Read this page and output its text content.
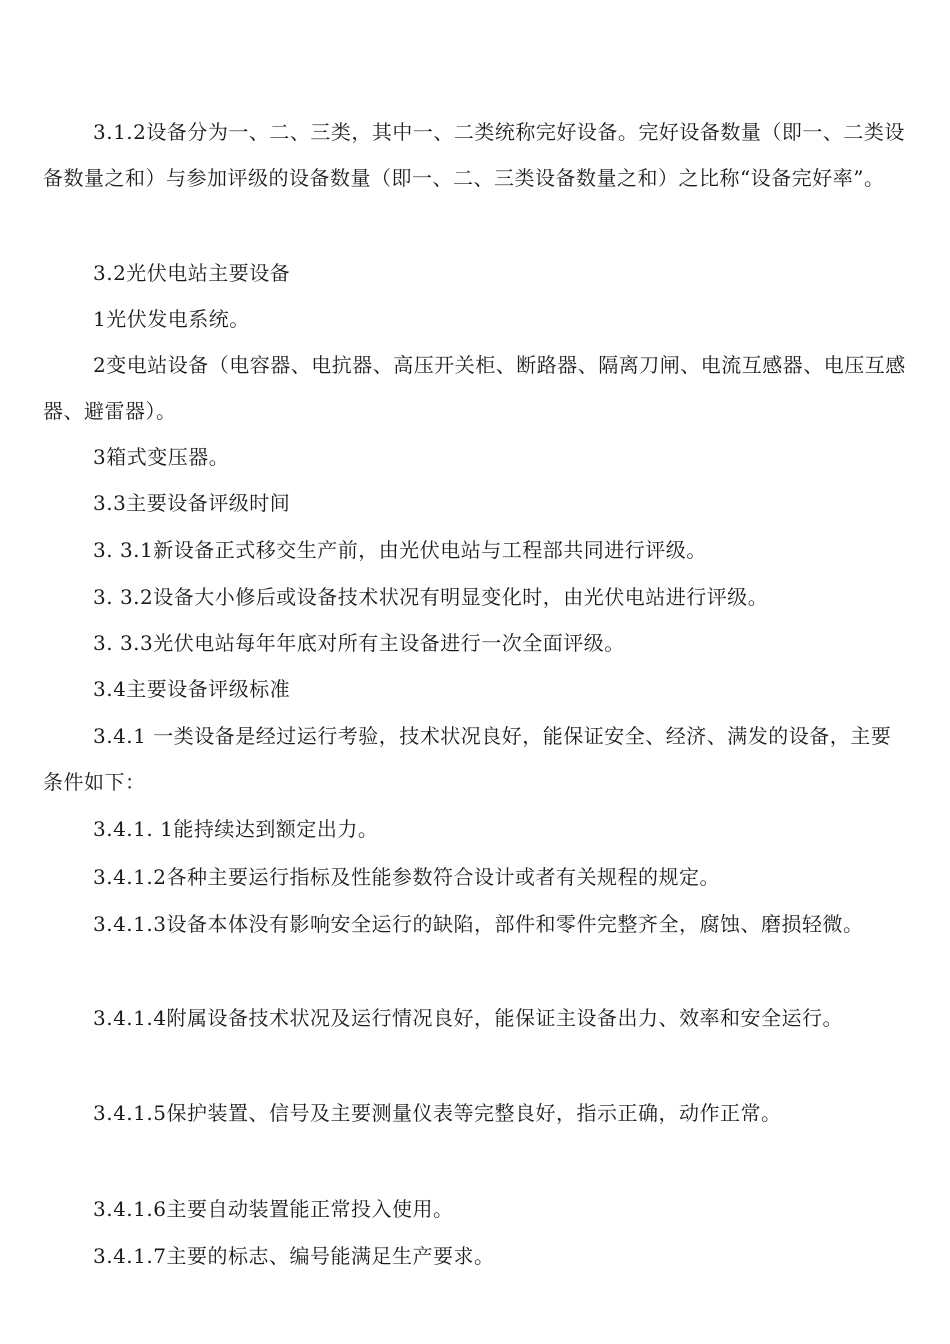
3.1.2设备分为一、二、三类，其中一、二类统称完好设备。完好设备数量（即一、二类设备数量之和）与参加评级的设备数量（即一、二、三类设备数量之和）之比称“设备完好率”。

3.2光伏电站主要设备

1光伏发电系统。

2变电站设备（电容器、电抗器、高压开关柜、断路器、隔离刀闸、电流互感器、电压互感器、避雷器）。

3箱式变压器。

3.3主要设备评级时间

3. 3.1新设备正式移交生产前，由光伏电站与工程部共同进行评级。

3. 3.2设备大小修后或设备技术状况有明显变化时，由光伏电站进行评级。

3. 3.3光伏电站每年年底对所有主设备进行一次全面评级。

3.4主要设备评级标准

3.4.1 一类设备是经过运行考验，技术状况良好，能保证安全、经济、满发的设备，主要条件如下：

3.4.1. 1能持续达到额定出力。

3.4.1.2各种主要运行指标及性能参数符合设计或者有关规程的规定。

3.4.1.3设备本体没有影响安全运行的缺陷，部件和零件完整齐全，腐蚀、磨损轻微。

3.4.1.4附属设备技术状况及运行情况良好，能保证主设备出力、效率和安全运行。

3.4.1.5保护装置、信号及主要测量仪表等完整良好，指示正确，动作正常。

3.4.1.6主要自动装置能正常投入使用。

3.4.1.7主要的标志、编号能满足生产要求。
